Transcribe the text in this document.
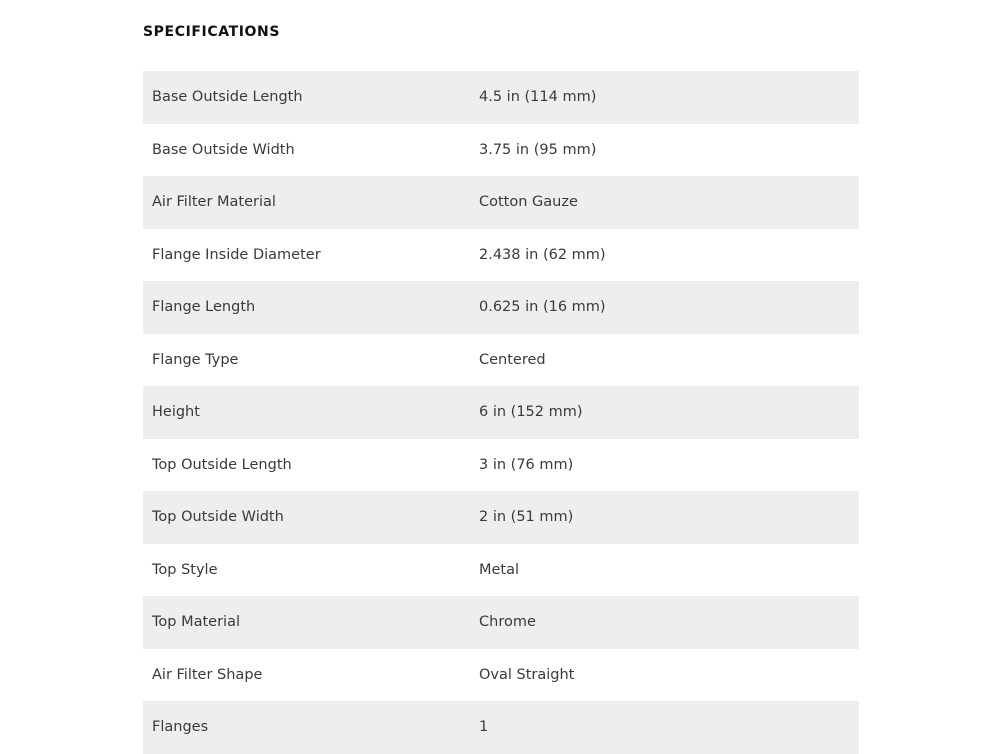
SPECIFICATIONS
Base Outside Length	4.5 in (114 mm)
Base Outside Width	3.75 in (95 mm)
Air Filter Material	Cotton Gauze
Flange Inside Diameter	2.438 in (62 mm)
Flange Length	0.625 in (16 mm)
Flange Type	Centered
Height	6 in (152 mm)
Top Outside Length	3 in (76 mm)
Top Outside Width	2 in (51 mm)
Top Style	Metal
Top Material	Chrome
Air Filter Shape	Oval Straight
Flanges	1
